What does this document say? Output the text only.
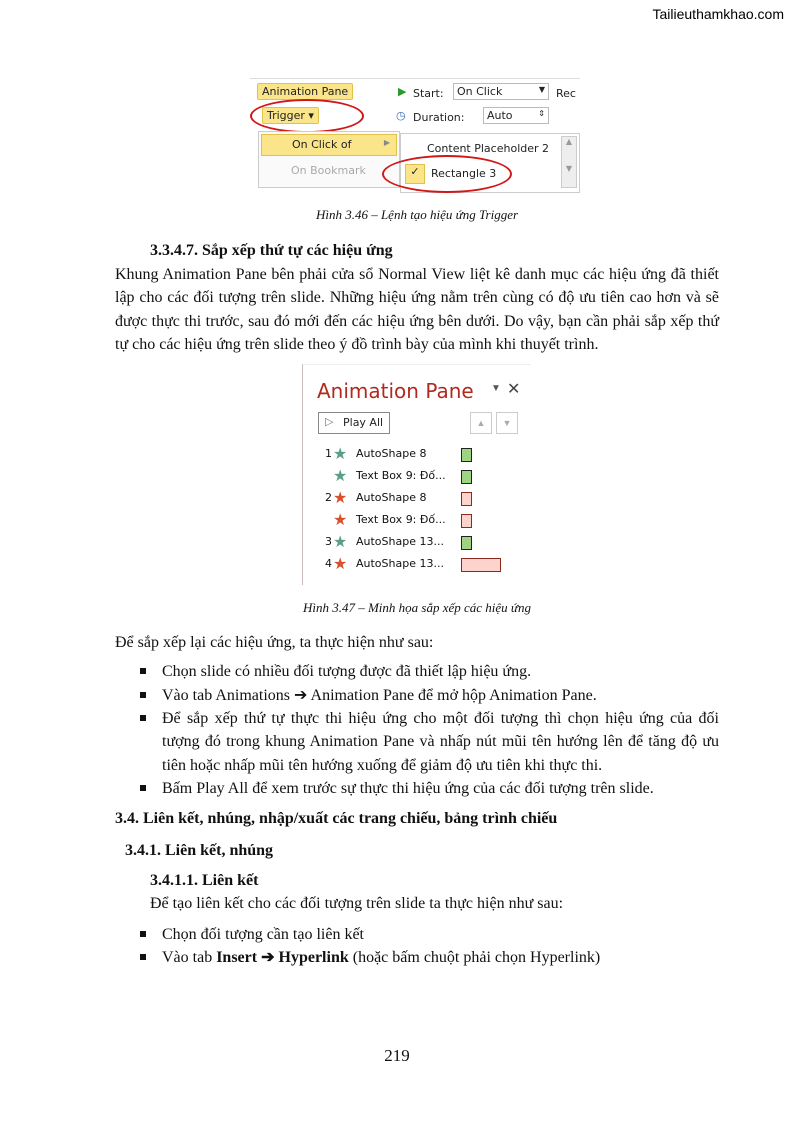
Tailieuthamkhao.com
Animation Pane
Trigger ▾
▶ Start:	On Click	▼
◷ Duration:	Auto	⇕
Rec
On Click of	▶
On Bookmark
Content Placeholder 2
✓	Rectangle 3
▲

▼
Hình 3.46 – Lệnh tạo hiệu ứng Trigger
3.3.4.7. Sắp xếp thứ tự các hiệu ứng
Khung Animation Pane bên phải cửa sổ Normal View liệt kê danh mục các hiệu ứng đã thiết lập cho các đối tượng trên slide. Những hiệu ứng nằm trên cùng có độ ưu tiên cao hơn và sẽ được thực thi trước, sau đó mới đến các hiệu ứng bên dưới. Do vậy, bạn cần phải sắp xếp thứ tự cho các hiệu ứng trên slide theo ý đồ trình bày của mình khi thuyết trình.
Animation Pane ▼ ✕
▷ Play All	▲	▼
1 ★ AutoShape 8
★ Text Box 9: Đố...
2 ★ AutoShape 8
★ Text Box 9: Đố...
3 ★ AutoShape 13...
4 ★ AutoShape 13...
Hình 3.47 – Minh họa sắp xếp các hiệu ứng
Để sắp xếp lại các hiệu ứng, ta thực hiện như sau:
Chọn slide có nhiều đối tượng được đã thiết lập hiệu ứng.
Vào tab Animations ➔ Animation Pane để mở hộp Animation Pane.
Để sắp xếp thứ tự thực thi hiệu ứng cho một đối tượng thì chọn hiệu ứng của đối tượng đó trong khung Animation Pane và nhấp nút mũi tên hướng lên để tăng độ ưu tiên hoặc nhấp mũi tên hướng xuống để giảm độ ưu tiên khi thực thi.
Bấm Play All để xem trước sự thực thi hiệu ứng của các đối tượng trên slide.
3.4. Liên kết, nhúng, nhập/xuất các trang chiếu, bảng trình chiếu
3.4.1. Liên kết, nhúng
3.4.1.1. Liên kết
Để tạo liên kết cho các đối tượng trên slide ta thực hiện như sau:
Chọn đối tượng cần tạo liên kết
Vào tab Insert ➔ Hyperlink (hoặc bấm chuột phải chọn Hyperlink)
219
